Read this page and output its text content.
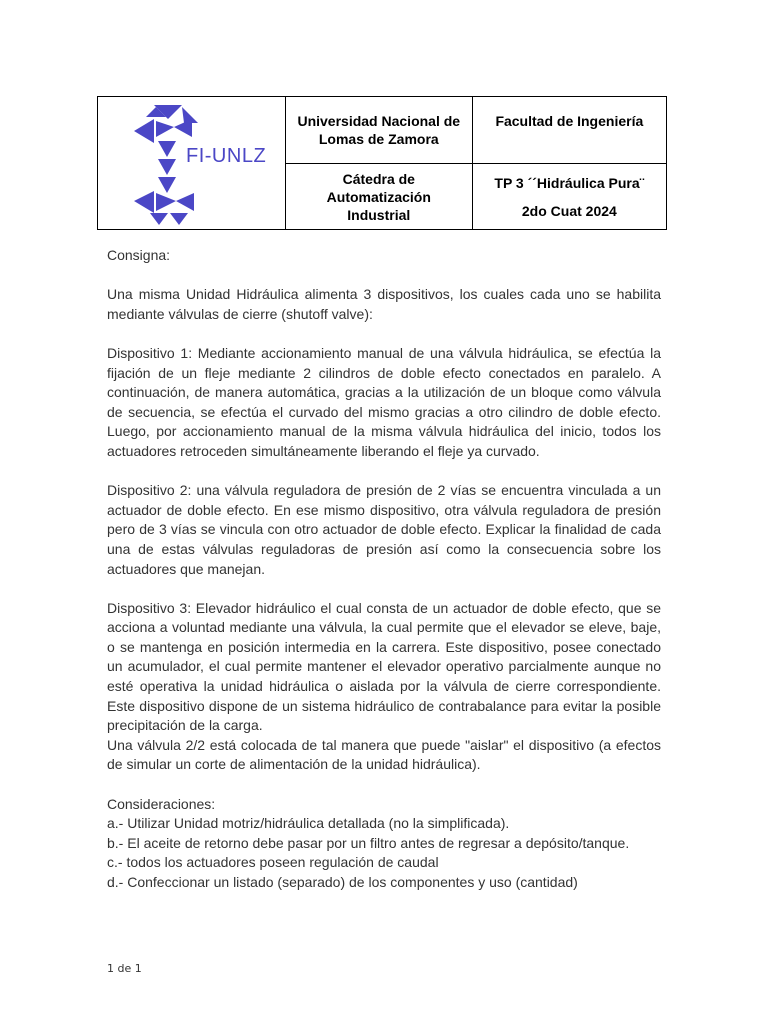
FI-UNLZ	Universidad Nacional de Lomas de Zamora	Facultad de Ingeniería

	Cátedra de Automatización Industrial	TP 3 ´´Hidráulica Pura¨
2do Cuat 2024

Consigna:

Una misma Unidad Hidráulica alimenta 3 dispositivos, los cuales cada uno se habilita mediante válvulas de cierre (shutoff valve):

Dispositivo 1: Mediante accionamiento manual de una válvula hidráulica, se efectúa la fijación de un fleje mediante 2 cilindros de doble efecto conectados en paralelo. A continuación, de manera automática, gracias a la utilización de un bloque como válvula de secuencia, se efectúa el curvado del mismo gracias a otro cilindro de doble efecto. Luego, por accionamiento manual de la misma válvula hidráulica del inicio, todos los actuadores retroceden simultáneamente liberando el fleje ya curvado.

Dispositivo 2: una válvula reguladora de presión de 2 vías se encuentra vinculada a un actuador de doble efecto. En ese mismo dispositivo, otra válvula reguladora de presión pero de 3 vías se vincula con otro actuador de doble efecto. Explicar la finalidad de cada una de estas válvulas reguladoras de presión así como la consecuencia sobre los actuadores que manejan.

Dispositivo 3: Elevador hidráulico el cual consta de un actuador de doble efecto, que se acciona a voluntad mediante una válvula, la cual permite que el elevador se eleve, baje, o se mantenga en posición intermedia en la carrera. Este dispositivo, posee conectado un acumulador, el cual permite mantener el elevador operativo parcialmente aunque no esté operativa la unidad hidráulica o aislada por la válvula de cierre correspondiente. Este dispositivo dispone de un sistema hidráulico de contrabalance para evitar la posible precipitación de la carga.

Una válvula 2/2 está colocada de tal manera que puede "aislar" el dispositivo (a efectos de simular un corte de alimentación de la unidad hidráulica).

Consideraciones:

a.- Utilizar Unidad motriz/hidráulica detallada (no la simplificada).

b.- El aceite de retorno debe pasar por un filtro antes de regresar a depósito/tanque.

c.- todos los actuadores poseen regulación de caudal

d.- Confeccionar un listado (separado) de los componentes y uso (cantidad)

1 de 1
